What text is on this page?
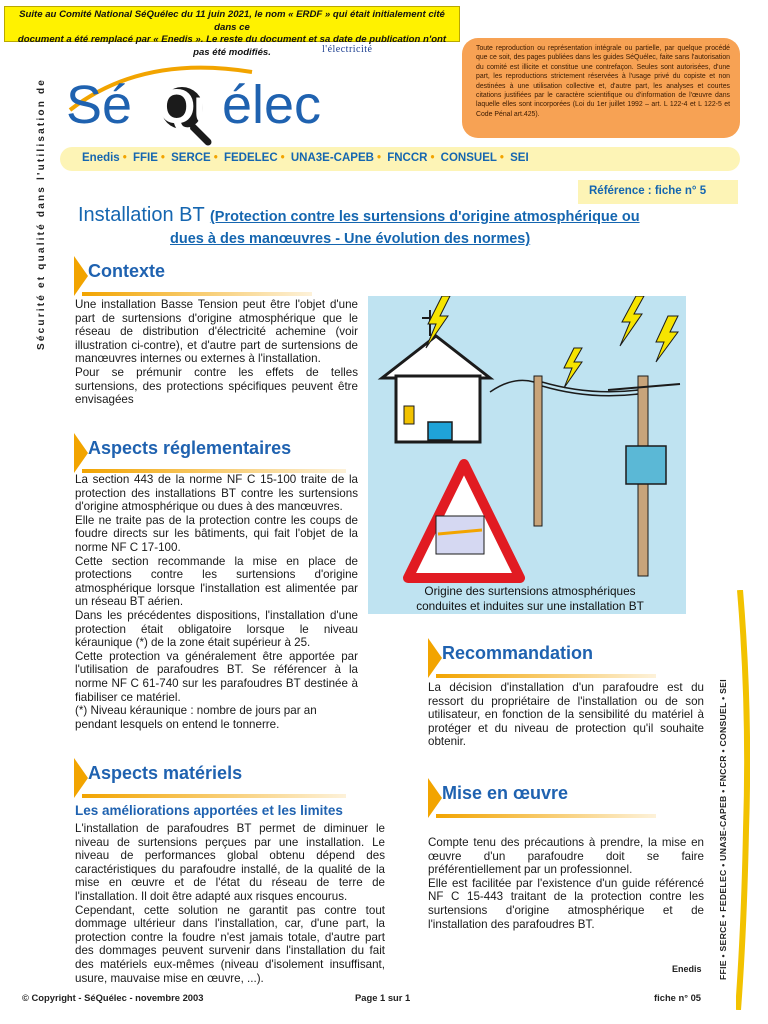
Suite au Comité National SéQuélec du 11 juin 2021, le nom « ERDF » qui était initialement cité dans ce
document a été remplacé par « Enedis ». Le reste du document et sa date de publication n'ont pas été modifiés.	Toute reproduction ou représentation intégrale ou partielle, par quelque procédé que ce soit, des pages publiées dans les guides SéQuélec, faite sans l'autorisation du comité est illicite et constitue une contrefaçon. Seules sont autorisées, d'une part, les reproductions strictement réservées à l'usage privé du copiste et non destinées à une utilisation collective et, d'autre part, les analyses et courtes citations justifiées par le caractère scientifique ou d'information de l'œuvre dans laquelle elles sont incorporées (Loi du 1er juillet 1992 – art. L 122-4 et L 122-5 et Code Pénal art.425).
Sécurité et qualité dans l'utilisation de
l'électricité
Sé Qu élec
Enedis • FFIE • SERCE • FEDELEC • UNA3E-CAPEB • FNCCR • CONSUEL • SEI
Référence : fiche n° 5
Installation BT (Protection contre les surtensions d'origine atmosphérique ou
dues à des manœuvres - Une évolution des normes)
Contexte

Une installation Basse Tension peut être l'objet d'une part de surtensions d'origine atmosphérique que le réseau de distribution d'électricité achemine (voir illustration ci-contre), et d'autre part de surtensions de manœuvres internes ou externes à l'installation.

Pour se prémunir contre les effets de telles surtensions, des protections spécifiques peuvent être envisagées

Aspects réglementaires

La section 443 de la norme NF C 15-100 traite de la protection des installations BT contre les surtensions d'origine atmosphérique ou dues à des manœuvres.

Elle ne traite pas de la protection contre les coups de foudre directs sur les bâtiments, qui fait l'objet de la norme NF C 17-100.

Cette section recommande la mise en place de protections contre les surtensions d'origine atmosphérique lorsque l'installation est alimentée par un réseau BT aérien.

Dans les précédentes dispositions, l'installation d'une protection était obligatoire lorsque le niveau kéraunique (*) de la zone était supérieur à 25.

Cette protection va généralement être apportée par l'utilisation de parafoudres BT. Se référencer à la norme NF C 61-740 sur les parafoudres BT destinée à fiabiliser ce matériel.

(*) Niveau kéraunique : nombre de jours par an pendant lesquels on entend le tonnerre.

Origine des surtensions atmosphériques
conduites et induites sur une installation BT
Recommandation

La décision d'installation d'un parafoudre est du ressort du propriétaire de l'installation ou de son utilisateur, en fonction de la sensibilité du matériel à protéger et du niveau de protection qu'il souhaite obtenir.

Mise en œuvre

Compte tenu des précautions à prendre, la mise en œuvre d'un parafoudre doit se faire préférentiellement par un professionnel.

Elle est facilitée par l'existence d'un guide référencé NF C 15-443 traitant de la protection contre les surtensions d'origine atmosphérique et de l'installation des parafoudres BT.

Aspects matériels
Les améliorations apportées et les limites

L'installation de parafoudres BT permet de diminuer le niveau de surtensions perçues par une installation. Le niveau de performances global obtenu dépend des caractéristiques du parafoudre installé, de la qualité de la mise en œuvre et de l'état du réseau de terre de l'installation. Il doit être adapté aux risques encourus.

Cependant, cette solution ne garantit pas contre tout dommage ultérieur dans l'installation, car, d'une part, la protection contre la foudre n'est jamais totale, d'autre part des dommages peuvent survenir dans l'installation du fait des matériels eux-mêmes (niveau d'isolement insuffisant, usure, mauvaise mise en œuvre, ...).	FFIE • SERCE • FEDELEC • UNA3E-CAPEB • FNCCR • CONSUEL • SEI
Enedis
© Copyright - SéQuélec - novembre 2003	Page 1 sur 1	fiche n° 05
